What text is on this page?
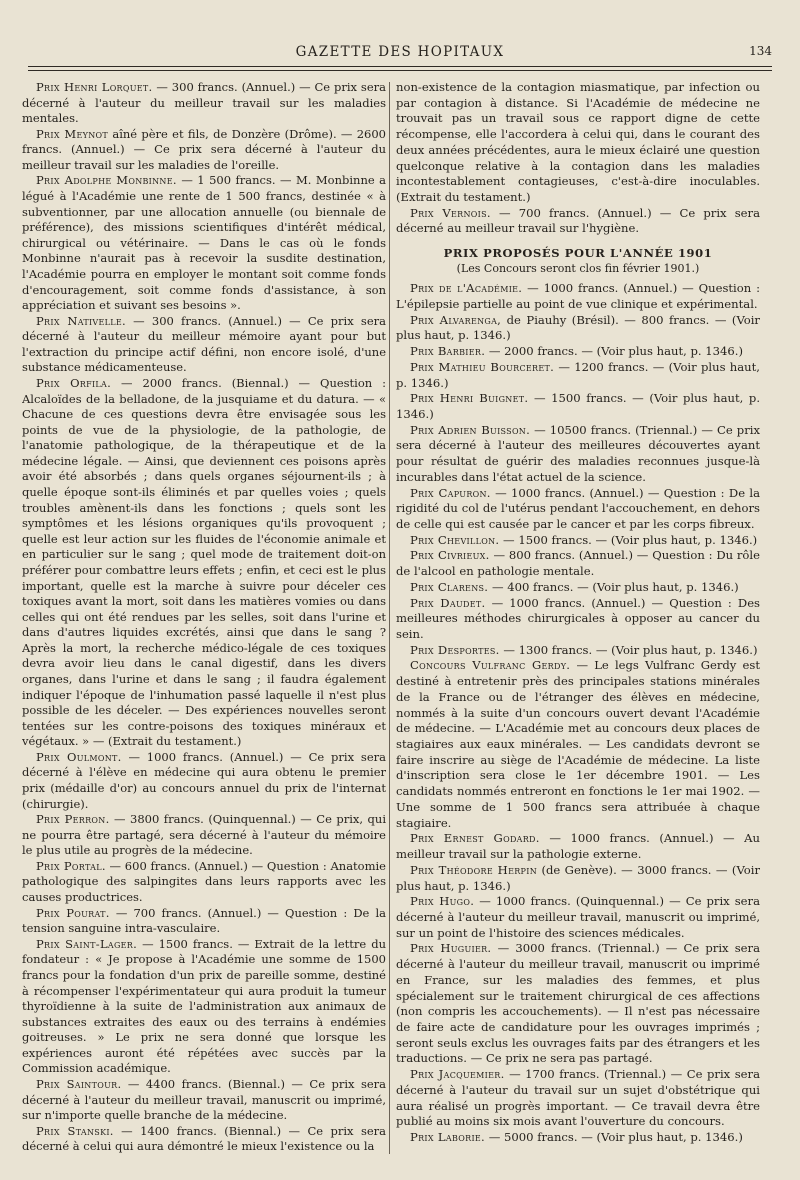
GAZETTE DES HOPITAUX	134

Prix Henri Lorquet. — 300 francs. (Annuel.) — Ce prix sera décerné à l'auteur du meilleur travail sur les maladies mentales.

Prix Meynot aîné père et fils, de Donzère (Drôme). — 2600 francs. (Annuel.) — Ce prix sera décerné à l'auteur du meilleur travail sur les maladies de l'oreille.

Prix Adolphe Monbinne. — 1 500 francs. — M. Monbinne a légué à l'Académie une rente de 1 500 francs, destinée « à subventionner, par une allocation annuelle (ou biennale de préférence), des missions scientifiques d'intérêt médical, chirurgical ou vétérinaire. — Dans le cas où le fonds Monbinne n'aurait pas à recevoir la susdite destination, l'Académie pourra en employer le montant soit comme fonds d'encouragement, soit comme fonds d'assistance, à son appréciation et suivant ses besoins ».

Prix Nativelle. — 300 francs. (Annuel.) — Ce prix sera décerné à l'auteur du meilleur mémoire ayant pour but l'extraction du principe actif défini, non encore isolé, d'une substance médicamenteuse.

Prix Orfila. — 2000 francs. (Biennal.) — Question : Alcaloïdes de la belladone, de la jusquiame et du datura. — « Chacune de ces questions devra être envisagée sous les points de vue de la physiologie, de la pathologie, de l'anatomie pathologique, de la thérapeutique et de la médecine légale. — Ainsi, que deviennent ces poisons après avoir été absorbés ; dans quels organes séjournent-ils ; à quelle époque sont-ils éliminés et par quelles voies ; quels troubles amènent-ils dans les fonctions ; quels sont les symptômes et les lésions organiques qu'ils provoquent ; quelle est leur action sur les fluides de l'économie animale et en particulier sur le sang ; quel mode de traitement doit-on préférer pour combattre leurs effets ; enfin, et ceci est le plus important, quelle est la marche à suivre pour déceler ces toxiques avant la mort, soit dans les matières vomies ou dans celles qui ont été rendues par les selles, soit dans l'urine et dans d'autres liquides excrétés, ainsi que dans le sang ? Après la mort, la recherche médico-légale de ces toxiques devra avoir lieu dans le canal digestif, dans les divers organes, dans l'urine et dans le sang ; il faudra également indiquer l'époque de l'inhumation passé laquelle il n'est plus possible de les déceler. — Des expériences nouvelles seront tentées sur les contre-poisons des toxiques minéraux et végétaux. » — (Extrait du testament.)

Prix Oulmont. — 1000 francs. (Annuel.) — Ce prix sera décerné à l'élève en médecine qui aura obtenu le premier prix (médaille d'or) au concours annuel du prix de l'internat (chirurgie).

Prix Perron. — 3800 francs. (Quinquennal.) — Ce prix, qui ne pourra être partagé, sera décerné à l'auteur du mémoire le plus utile au progrès de la médecine.

Prix Portal. — 600 francs. (Annuel.) — Question : Anatomie pathologique des salpingites dans leurs rapports avec les causes productrices.

Prix Pourat. — 700 francs. (Annuel.) — Question : De la tension sanguine intra-vasculaire.

Prix Saint-Lager. — 1500 francs. — Extrait de la lettre du fondateur : « Je propose à l'Académie une somme de 1500 francs pour la fondation d'un prix de pareille somme, destiné à récompenser l'expérimentateur qui aura produit la tumeur thyroïdienne à la suite de l'administration aux animaux de substances extraites des eaux ou des terrains à endémies goitreuses. » Le prix ne sera donné que lorsque les expériences auront été répétées avec succès par la Commission académique.

Prix Saintour. — 4400 francs. (Biennal.) — Ce prix sera décerné à l'auteur du meilleur travail, manuscrit ou imprimé, sur n'importe quelle branche de la médecine.

Prix Stanski. — 1400 francs. (Biennal.) — Ce prix sera décerné à celui qui aura démontré le mieux l'existence ou la

non-existence de la contagion miasmatique, par infection ou par contagion à distance. Si l'Académie de médecine ne trouvait pas un travail sous ce rapport digne de cette récompense, elle l'accordera à celui qui, dans le courant des deux années précédentes, aura le mieux éclairé une question quelconque relative à la contagion dans les maladies incontestablement contagieuses, c'est-à-dire inoculables. (Extrait du testament.)

Prix Vernois. — 700 francs. (Annuel.) — Ce prix sera décerné au meilleur travail sur l'hygiène.

PRIX PROPOSÉS POUR L'ANNÉE 1901
(Les Concours seront clos fin février 1901.)

Prix de l'Académie. — 1000 francs. (Annuel.) — Question : L'épilepsie partielle au point de vue clinique et expérimental.

Prix Alvarenga, de Piauhy (Brésil). — 800 francs. — (Voir plus haut, p. 1346.)

Prix Barbier. — 2000 francs. — (Voir plus haut, p. 1346.)

Prix Mathieu Bourceret. — 1200 francs. — (Voir plus haut, p. 1346.)

Prix Henri Buignet. — 1500 francs. — (Voir plus haut, p. 1346.)

Prix Adrien Buisson. — 10500 francs. (Triennal.) — Ce prix sera décerné à l'auteur des meilleures découvertes ayant pour résultat de guérir des maladies reconnues jusque-là incurables dans l'état actuel de la science.

Prix Capuron. — 1000 francs. (Annuel.) — Question : De la rigidité du col de l'utérus pendant l'accouchement, en dehors de celle qui est causée par le cancer et par les corps fibreux.

Prix Chevillon. — 1500 francs. — (Voir plus haut, p. 1346.)

Prix Civrieux. — 800 francs. (Annuel.) — Question : Du rôle de l'alcool en pathologie mentale.

Prix Clarens. — 400 francs. — (Voir plus haut, p. 1346.)

Prix Daudet. — 1000 francs. (Annuel.) — Question : Des meilleures méthodes chirurgicales à opposer au cancer du sein.

Prix Desportes. — 1300 francs. — (Voir plus haut, p. 1346.)

Concours Vulfranc Gerdy. — Le legs Vulfranc Gerdy est destiné à entretenir près des principales stations minérales de la France ou de l'étranger des élèves en médecine, nommés à la suite d'un concours ouvert devant l'Académie de médecine. — L'Académie met au concours deux places de stagiaires aux eaux minérales. — Les candidats devront se faire inscrire au siège de l'Académie de médecine. La liste d'inscription sera close le 1er décembre 1901. — Les candidats nommés entreront en fonctions le 1er mai 1902. — Une somme de 1 500 francs sera attribuée à chaque stagiaire.

Prix Ernest Godard. — 1000 francs. (Annuel.) — Au meilleur travail sur la pathologie externe.

Prix Théodore Herpin (de Genève). — 3000 francs. — (Voir plus haut, p. 1346.)

Prix Hugo. — 1000 francs. (Quinquennal.) — Ce prix sera décerné à l'auteur du meilleur travail, manuscrit ou imprimé, sur un point de l'histoire des sciences médicales.

Prix Huguier. — 3000 francs. (Triennal.) — Ce prix sera décerné à l'auteur du meilleur travail, manuscrit ou imprimé en France, sur les maladies des femmes, et plus spécialement sur le traitement chirurgical de ces affections (non compris les accouchements). — Il n'est pas nécessaire de faire acte de candidature pour les ouvrages imprimés ; seront seuls exclus les ouvrages faits par des étrangers et les traductions. — Ce prix ne sera pas partagé.

Prix Jacquemier. — 1700 francs. (Triennal.) — Ce prix sera décerné à l'auteur du travail sur un sujet d'obstétrique qui aura réalisé un progrès important. — Ce travail devra être publié au moins six mois avant l'ouverture du concours.

Prix Laborie. — 5000 francs. — (Voir plus haut, p. 1346.)
